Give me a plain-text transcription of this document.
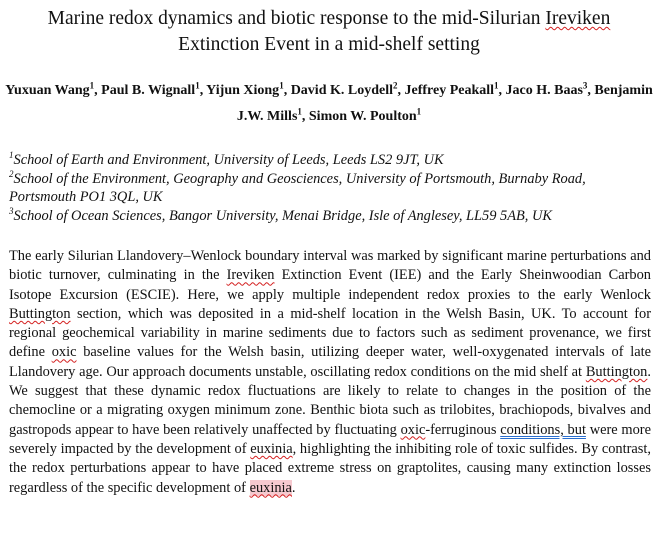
Marine redox dynamics and biotic response to the mid-Silurian Ireviken
Extinction Event in a mid-shelf setting
Yuxuan Wang$^1$, Paul B. Wignall$^1$, Yijun Xiong$^1$, David K. Loydell$^2$, Jeffrey Peakall$^1$, Jaco H. Baas$^3$, Benjamin J.W. Mills$^1$, Simon W. Poulton$^1$
$^1$School of Earth and Environment, University of Leeds, Leeds LS2 9JT, UK
$^2$School of the Environment, Geography and Geosciences, University of Portsmouth, Burnaby Road, Portsmouth PO1 3QL, UK
$^3$School of Ocean Sciences, Bangor University, Menai Bridge, Isle of Anglesey, LL59 5AB, UK

The early Silurian Llandovery–Wenlock boundary interval was marked by significant marine perturbations and biotic turnover, culminating in the Ireviken Extinction Event (IEE) and the Early Sheinwoodian Carbon Isotope Excursion (ESCIE). Here, we apply multiple independent redox proxies to the early Wenlock Buttington section, which was deposited in a mid-shelf location in the Welsh Basin, UK. To account for regional geochemical variability in marine sediments due to factors such as sediment provenance, we first define oxic baseline values for the Welsh basin, utilizing deeper water, well-oxygenated intervals of late Llandovery age. Our approach documents unstable, oscillating redox conditions on the mid shelf at Buttington. We suggest that these dynamic redox fluctuations are likely to relate to changes in the position of the chemocline or a migrating oxygen minimum zone. Benthic biota such as trilobites, brachiopods, bivalves and gastropods appear to have been relatively unaffected by fluctuating oxic-ferruginous conditions, but were more severely impacted by the development of euxinia, highlighting the inhibiting role of toxic sulfides. By contrast, the redox perturbations appear to have placed extreme stress on graptolites, causing many extinction losses regardless of the specific development of euxinia.
